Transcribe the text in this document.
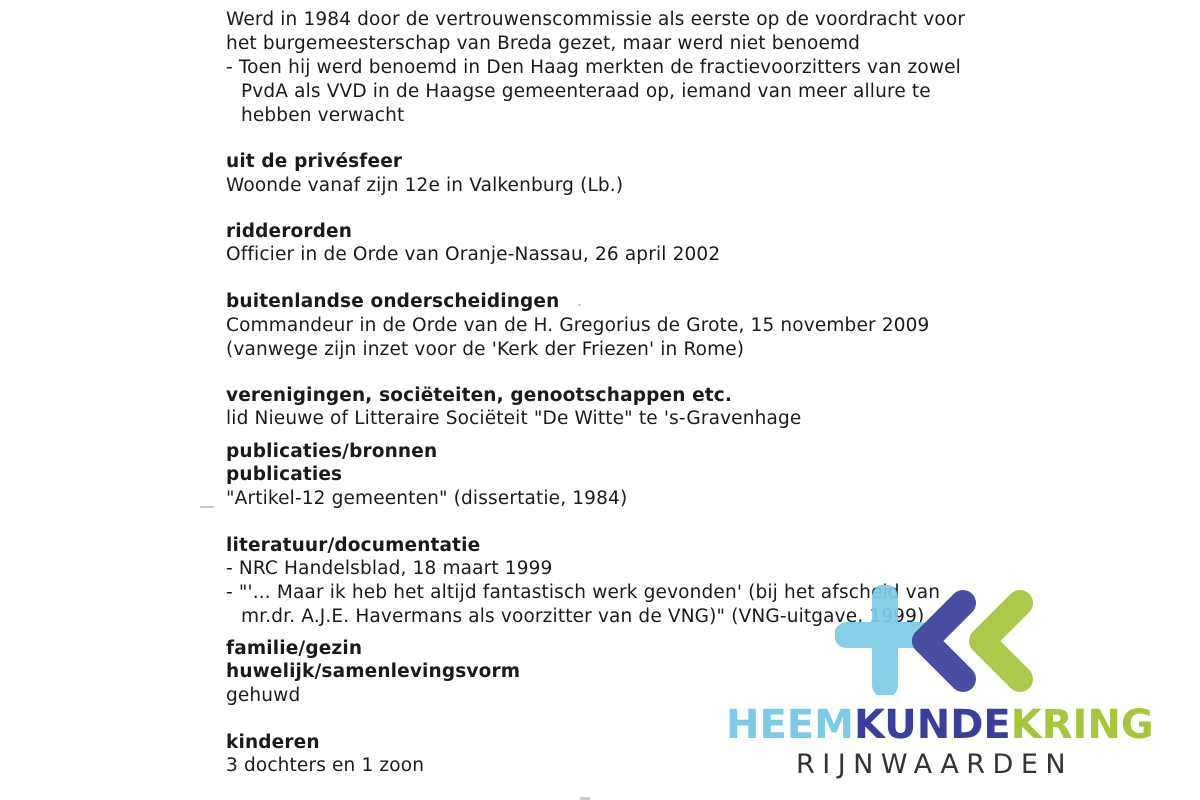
Werd in 1984 door de vertrouwenscommissie als eerste op de voordracht voor
het burgemeesterschap van Breda gezet, maar werd niet benoemd
- Toen hij werd benoemd in Den Haag merkten de fractievoorzitters van zowel
PvdA als VVD in de Haagse gemeenteraad op, iemand van meer allure te
hebben verwacht
uit de privésfeer
Woonde vanaf zijn 12e in Valkenburg (Lb.)
ridderorden
Officier in de Orde van Oranje-Nassau, 26 april 2002
buitenlandse onderscheidingen
Commandeur in de Orde van de H. Gregorius de Grote, 15 november 2009
(vanwege zijn inzet voor de 'Kerk der Friezen' in Rome)
verenigingen, sociëteiten, genootschappen etc.
lid Nieuwe of Litteraire Sociëteit "De Witte" te 's-Gravenhage
publicaties/bronnen
publicaties
"Artikel-12 gemeenten" (dissertatie, 1984)
literatuur/documentatie
- NRC Handelsblad, 18 maart 1999
- "'... Maar ik heb het altijd fantastisch werk gevonden' (bij het afscheid van
mr.dr. A.J.E. Havermans als voorzitter van de VNG)" (VNG-uitgave, 1999)
familie/gezin
huwelijk/samenlevingsvorm
gehuwd
kinderen
3 dochters en 1 zoon
HEEMKUNDEKRING
RIJNWAARDEN
